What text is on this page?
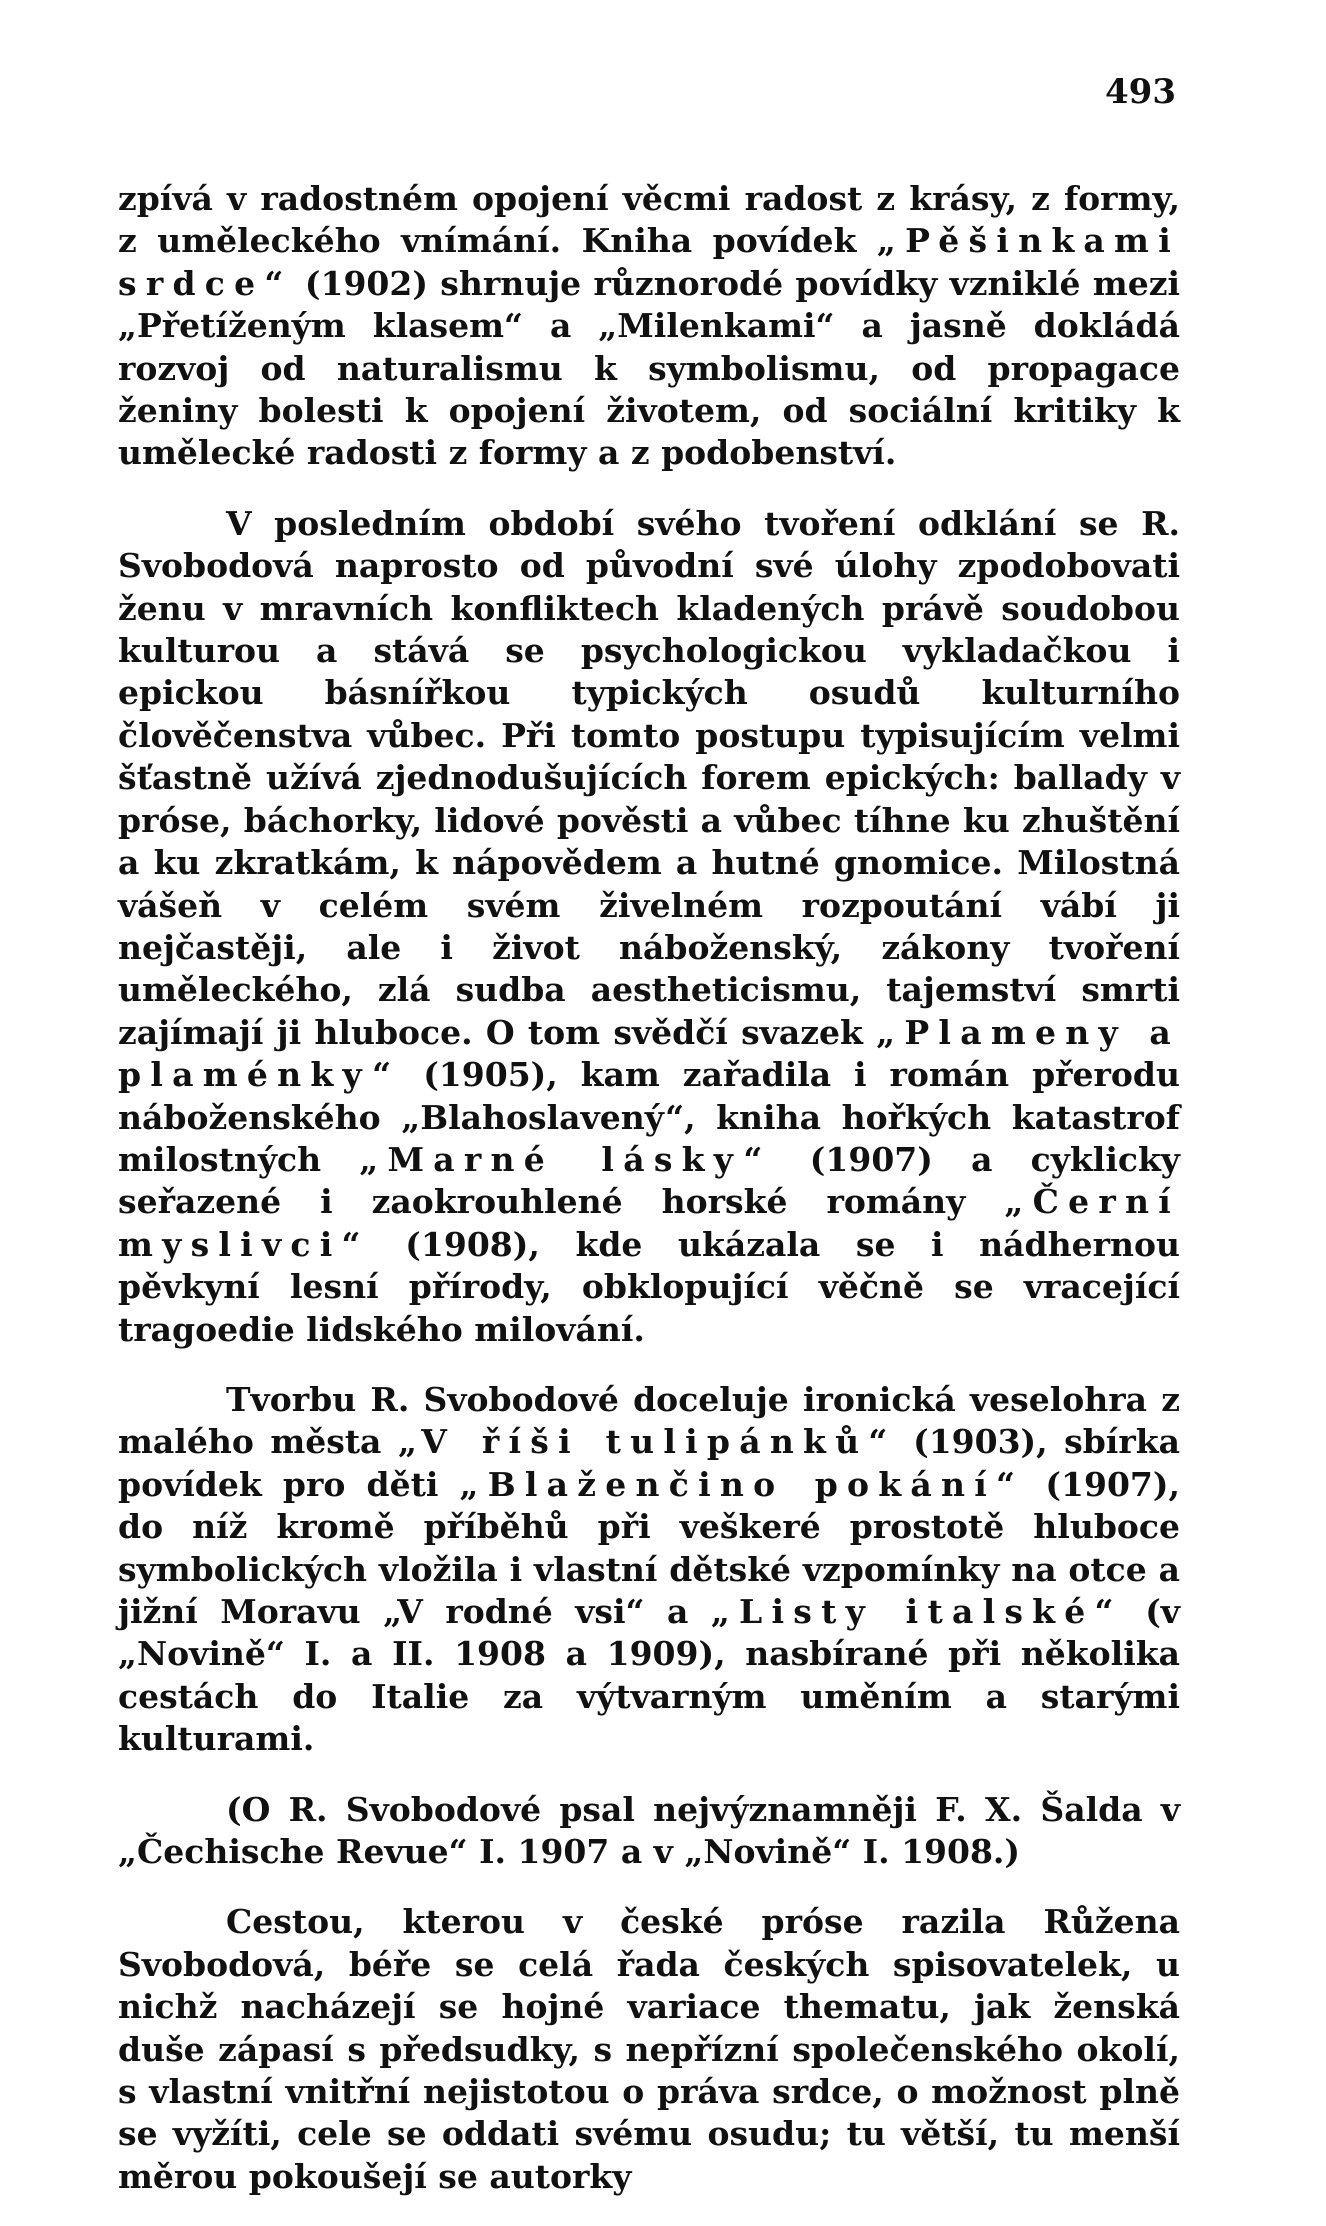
493

zpívá v radostném opojení věcmi radost z krásy, z formy, z uměleckého vnímání. Kniha povídek „Pěšinkami srdce“ (1902) shrnuje různorodé povídky vzniklé mezi „Přetíženým klasem“ a „Milenkami“ a jasně dokládá rozvoj od naturalismu k symbolismu, od propagace ženiny bolesti k opojení životem, od sociální kritiky k umělecké radosti z formy a z podobenství.

V posledním období svého tvoření odklání se R. Svobodová naprosto od původní své úlohy zpodobovati ženu v mravních konfliktech kladených právě soudobou kulturou a stává se psychologickou vykladačkou i epickou básnířkou typických osudů kulturního člověčenstva vůbec. Při tomto postupu typisujícím velmi šťastně užívá zjednodušujících forem epických: ballady v próse, báchorky, lidové pověsti a vůbec tíhne ku zhuštění a ku zkratkám, k nápovědem a hutné gnomice. Milostná vášeň v celém svém živelném rozpoutání vábí ji nejčastěji, ale i život náboženský, zákony tvoření uměleckého, zlá sudba aestheticismu, tajemství smrti zajímají ji hluboce. O tom svědčí svazek „Plameny a plaménky“ (1905), kam zařadila i román přerodu náboženského „Blahoslavený“, kniha hořkých katastrof milostných „Marné lásky“ (1907) a cyklicky seřazené i zaokrouhlené horské romány „Černí myslivci“ (1908), kde ukázala se i nádhernou pěvkyní lesní přírody, obklopující věčně se vracející tragoedie lidského milování.

Tvorbu R. Svobodové doceluje ironická veselohra z malého města „V říši tulipánků“ (1903), sbírka povídek pro děti „Blaženčino pokání“ (1907), do níž kromě příběhů při veškeré prostotě hluboce symbolických vložila i vlastní dětské vzpomínky na otce a jižní Moravu „V rodné vsi“ a „Listy italské“ (v „Novině“ I. a II. 1908 a 1909), nasbírané při několika cestách do Italie za výtvarným uměním a starými kulturami.

(O R. Svobodové psal nejvýznamněji F. X. Šalda v „Čechische Revue“ I. 1907 a v „Novině“ I. 1908.)

Cestou, kterou v české próse razila Růžena Svobodová, béře se celá řada českých spisovatelek, u nichž nacházejí se hojné variace thematu, jak ženská duše zápasí s předsudky, s nepřízní společenského okolí, s vlastní vnitřní nejistotou o práva srdce, o možnost plně se vyžíti, cele se oddati svému osudu; tu větší, tu menší měrou pokoušejí se autorky
